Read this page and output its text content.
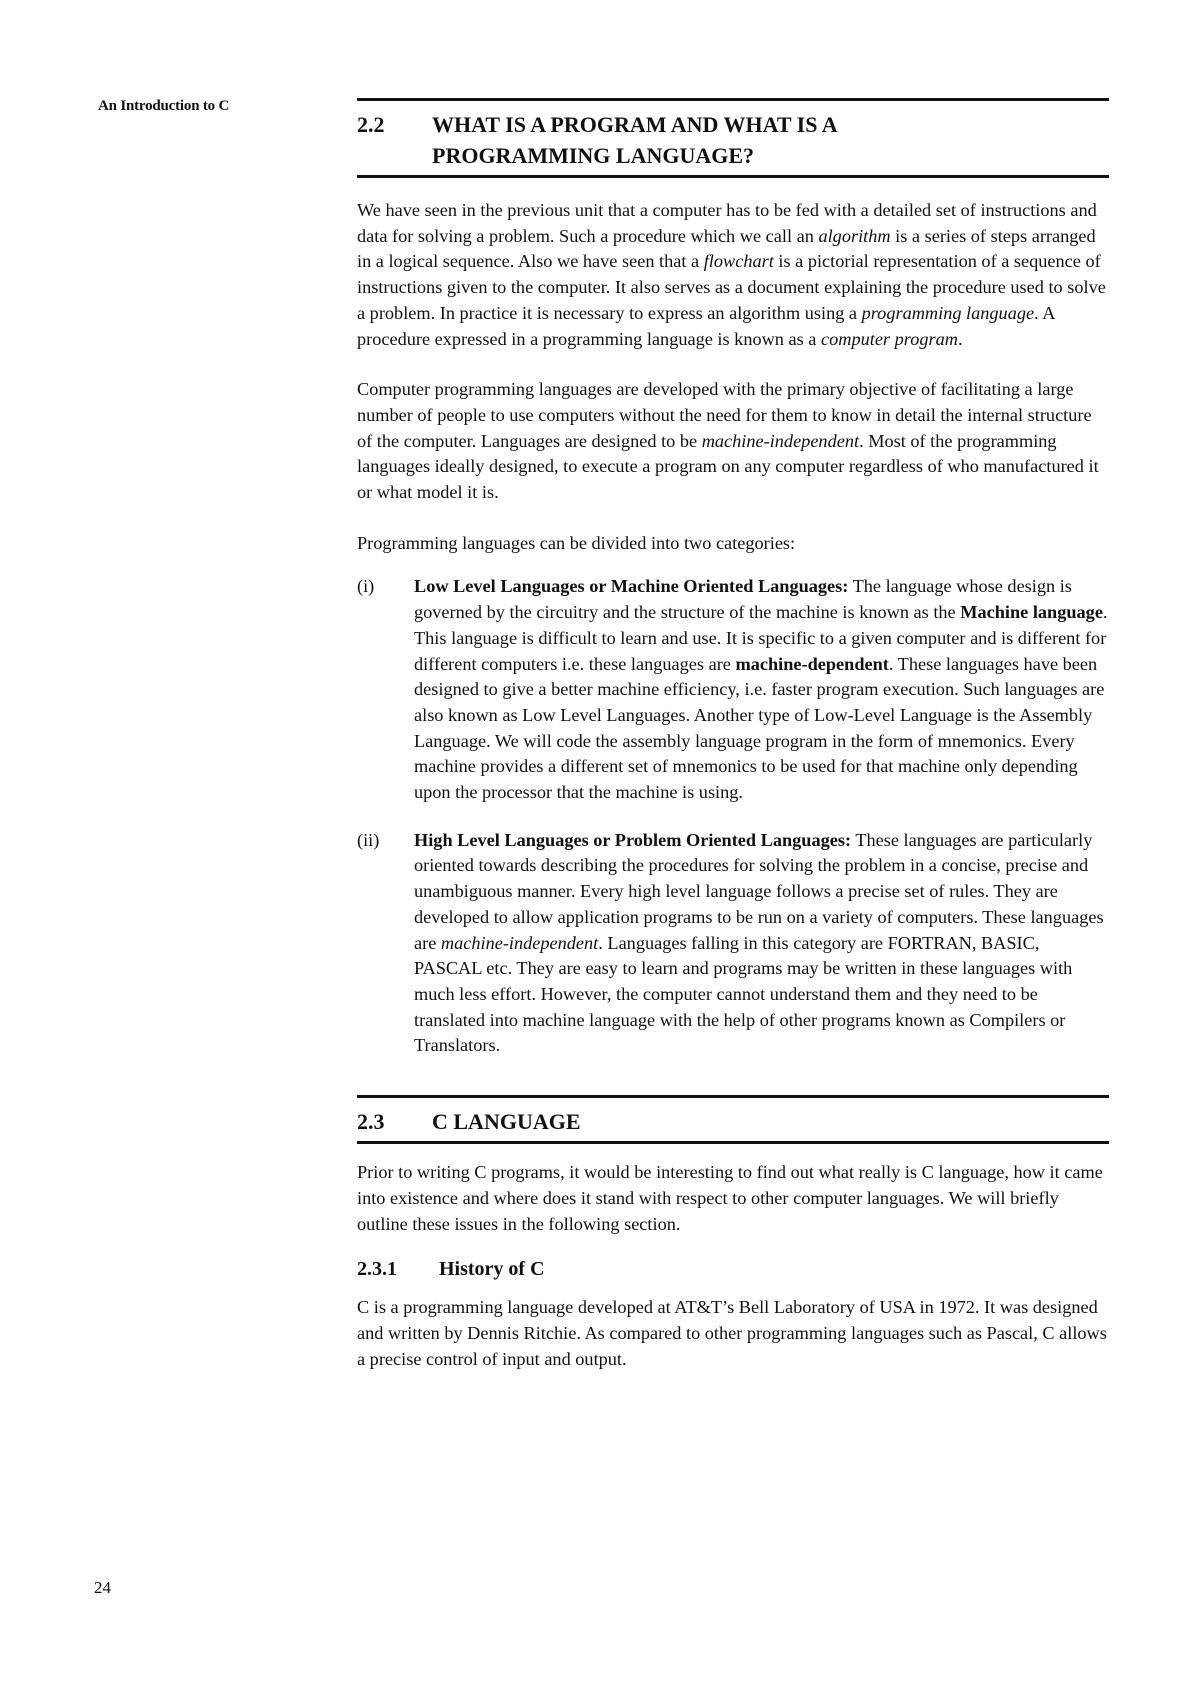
An Introduction to C
2.2	WHAT IS A PROGRAM AND WHAT IS A
PROGRAMMING LANGUAGE?

We have seen in the previous unit that a computer has to be fed with a detailed set of instructions and data for solving a problem. Such a procedure which we call an algorithm is a series of steps arranged in a logical sequence. Also we have seen that a flowchart is a pictorial representation of a sequence of instructions given to the computer. It also serves as a document explaining the procedure used to solve a problem. In practice it is necessary to express an algorithm using a programming language. A procedure expressed in a programming language is known as a computer program.

Computer programming languages are developed with the primary objective of facilitating a large number of people to use computers without the need for them to know in detail the internal structure of the computer. Languages are designed to be machine-independent. Most of the programming languages ideally designed, to execute a program on any computer regardless of who manufactured it or what model it is.

Programming languages can be divided into two categories:

(i)	Low Level Languages or Machine Oriented Languages: The language whose design is governed by the circuitry and the structure of the machine is known as the Machine language. This language is difficult to learn and use. It is specific to a given computer and is different for different computers i.e. these languages are machine-dependent. These languages have been designed to give a better machine efficiency, i.e. faster program execution. Such languages are also known as Low Level Languages. Another type of Low-Level Language is the Assembly Language. We will code the assembly language program in the form of mnemonics. Every machine provides a different set of mnemonics to be used for that machine only depending upon the processor that the machine is using.
(ii)	High Level Languages or Problem Oriented Languages: These languages are particularly oriented towards describing the procedures for solving the problem in a concise, precise and unambiguous manner. Every high level language follows a precise set of rules. They are developed to allow application programs to be run on a variety of computers. These languages are machine-independent. Languages falling in this category are FORTRAN, BASIC, PASCAL etc. They are easy to learn and programs may be written in these languages with much less effort. However, the computer cannot understand them and they need to be translated into machine language with the help of other programs known as Compilers or Translators.
2.3	C LANGUAGE

Prior to writing C programs, it would be interesting to find out what really is C language, how it came into existence and where does it stand with respect to other computer languages. We will briefly outline these issues in the following section.

2.3.1	History of C

C is a programming language developed at AT&T’s Bell Laboratory of USA in 1972. It was designed and written by Dennis Ritchie. As compared to other programming languages such as Pascal, C allows a precise control of input and output.

24
